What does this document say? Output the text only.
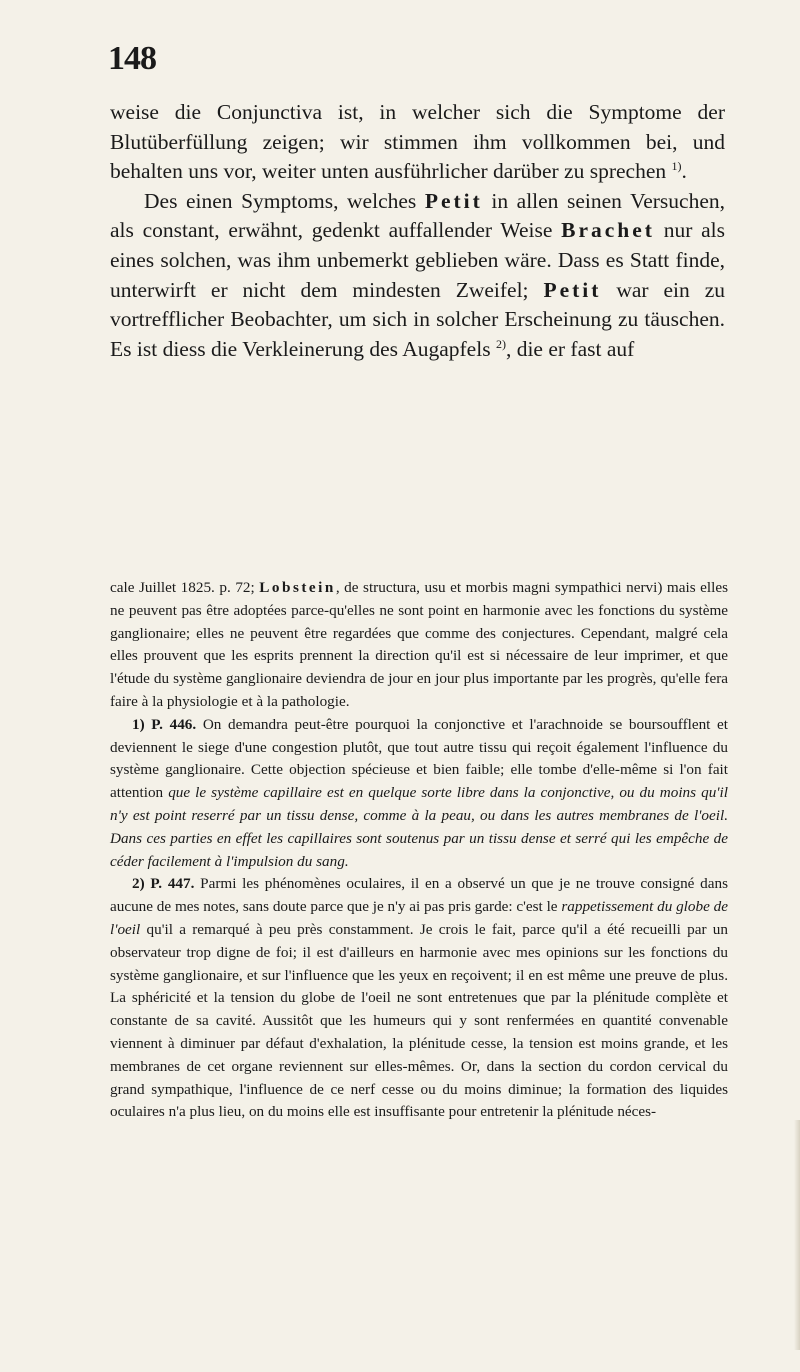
148

weise die Conjunctiva ist, in welcher sich die Symptome der Blutüberfüllung zeigen; wir stimmen ihm vollkommen bei, und behalten uns vor, weiter unten ausführlicher darüber zu sprechen $^{1)}$.

Des einen Symptoms, welches Petit in allen seinen Versuchen, als constant, erwähnt, gedenkt auffallender Weise Brachet nur als eines solchen, was ihm unbemerkt geblieben wäre. Dass es Statt finde, unterwirft er nicht dem mindesten Zweifel; Petit war ein zu vortrefflicher Beobachter, um sich in solcher Erscheinung zu täuschen. Es ist diess die Verkleinerung des Augapfels $^{2)}$, die er fast auf

cale Juillet 1825. p. 72; Lobstein, de structura, usu et morbis magni sympathici nervi) mais elles ne peuvent pas être adoptées parce-qu'elles ne sont point en harmonie avec les fonctions du système ganglionaire; elles ne peuvent être regardées que comme des conjectures. Cependant, malgré cela elles prouvent que les esprits prennent la direction qu'il est si nécessaire de leur imprimer, et que l'étude du système ganglionaire deviendra de jour en jour plus importante par les progrès, qu'elle fera faire à la physiologie et à la pathologie.

1) P. 446. On demandra peut-être pourquoi la conjonctive et l'arachnoide se boursoufflent et deviennent le siege d'une congestion plutôt, que tout autre tissu qui reçoit également l'influence du système ganglionaire. Cette objection spécieuse et bien faible; elle tombe d'elle-même si l'on fait attention que le système capillaire est en quelque sorte libre dans la conjonctive, ou du moins qu'il n'y est point reserré par un tissu dense, comme à la peau, ou dans les autres membranes de l'oeil. Dans ces parties en effet les capillaires sont soutenus par un tissu dense et serré qui les empêche de céder facilement à l'impulsion du sang.

2) P. 447. Parmi les phénomènes oculaires, il en a observé un que je ne trouve consigné dans aucune de mes notes, sans doute parce que je n'y ai pas pris garde: c'est le rappetissement du globe de l'oeil qu'il a remarqué à peu près constamment. Je crois le fait, parce qu'il a été recueilli par un observateur trop digne de foi; il est d'ailleurs en harmonie avec mes opinions sur les fonctions du système ganglionaire, et sur l'influence que les yeux en reçoivent; il en est même une preuve de plus. La sphéricité et la tension du globe de l'oeil ne sont entretenues que par la plénitude complète et constante de sa cavité. Aussitôt que les humeurs qui y sont renfermées en quantité convenable viennent à diminuer par défaut d'exhalation, la plénitude cesse, la tension est moins grande, et les membranes de cet organe reviennent sur elles-mêmes. Or, dans la section du cordon cervical du grand sympathique, l'influence de ce nerf cesse ou du moins diminue; la formation des liquides oculaires n'a plus lieu, on du moins elle est insuffisante pour entretenir la plénitude néces-
